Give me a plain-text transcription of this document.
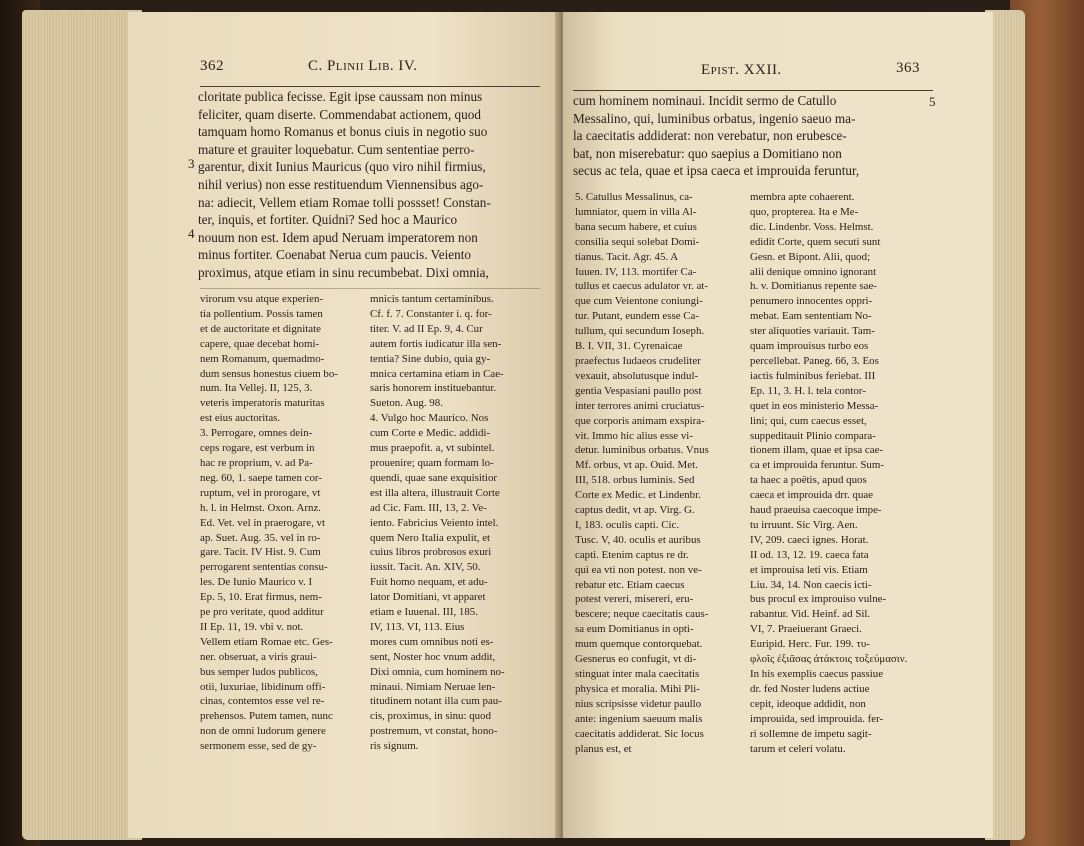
362	C. Plinii Lib. IV.
3
4

cloritate publica fecisse. Egit ipse caussam non minus

feliciter, quam diserte. Commendabat actionem, quod

tamquam homo Romanus et bonus ciuis in negotio suo

mature et grauiter loquebatur. Cum sententiae perro-

garentur, dixit Iunius Mauricus (quo viro nihil firmius,

nihil verius) non esse restituendum Viennensibus ago-

na: adiecit, Vellem etiam Romae tolli possset! Constan-

ter, inquis, et fortiter. Quidni? Sed hoc a Maurico

nouum non est. Idem apud Neruam imperatorem non

minus fortiter. Coenabat Nerua cum paucis. Veiento

proximus, atque etiam in sinu recumbebat. Dixi omnia,

virorum vsu atque experien-

tia pollentium. Possis tamen

et de auctoritate et dignitate

capere, quae decebat homi-

nem Romanum, quemadmo-

dum sensus honestus ciuem bo-

num. Ita Vellej. II, 125, 3.

veteris imperatoris maturitas

est eius auctoritas.

3. Perrogare, omnes dein-

ceps rogare, est verbum in

hac re proprium, v. ad Pa-

neg. 60, 1. saepe tamen cor-

ruptum, vel in prorogare, vt

h. l. in Helmst. Oxon. Arnz.

Ed. Vet. vel in praerogare, vt

ap. Suet. Aug. 35. vel in ro-

gare. Tacit. IV Hist. 9. Cum

perrogarent sententias consu-

les. De Iunio Maurico v. I

Ep. 5, 10. Erat firmus, nem-

pe pro veritate, quod additur

II Ep. 11, 19. vbi v. not.

Vellem etiam Romae etc. Ges-

ner. obseruat, a viris graui-

bus semper ludos publicos,

otii, luxuriae, libidinum offi-

cinas, contemtos esse vel re-

prehensos. Putem tamen, nunc

non de omni ludorum genere

sermonem esse, sed de gy-

mnicis tantum certaminibus.

Cf. f. 7. Constanter i. q. for-

titer. V. ad II Ep. 9, 4. Cur

autem fortis iudicatur illa sen-

tentia? Sine dubio, quia gy-

mnica certamina etiam in Cae-

saris honorem instituebantur.

Sueton. Aug. 98.

4. Vulgo hoc Maurico. Nos

cum Corte e Medic. addidi-

mus praepofit. a, vt subintel.

prouenire; quam formam lo-

quendi, quae sane exquisitior

est illa altera, illustrauit Corte

ad Cic. Fam. III, 13, 2. Ve-

iento. Fabricius Veiento intel.

quem Nero Italia expulit, et

cuius libros probrosos exuri

iussit. Tacit. An. XIV, 50.

Fuit homo nequam, et adu-

lator Domitiani, vt apparet

etiam e Iuuenal. III, 185.

IV, 113. VI, 113. Eius

mores cum omnibus noti es-

sent, Noster hoc vnum addit,

Dixi omnia, cum hominem no-

minaui. Nimiam Neruae len-

titudinem notant illa cum pau-

cis, proximus, in sinu: quod

postremum, vt constat, hono-

ris signum.

Epist. XXII.	363
5

cum hominem nominaui. Incidit sermo de Catullo

Messalino, qui, luminibus orbatus, ingenio saeuo ma-

la caecitatis addiderat: non verebatur, non erubesce-

bat, non miserebatur: quo saepius a Domitiano non

secus ac tela, quae et ipsa caeca et improuida feruntur,

5. Catullus Messalinus, ca-

lumniator, quem in villa Al-

bana secum habere, et cuius

consilia sequi solebat Domi-

tianus. Tacit. Agr. 45. A

Iuuen. IV, 113. mortifer Ca-

tullus et caecus adulator vr. at-

que cum Veientone coniungi-

tur. Putant, eundem esse Ca-

tullum, qui secundum Ioseph.

B. I. VII, 31. Cyrenaicae

praefectus Iudaeos crudeliter

vexauit, absolutusque indul-

gentia Vespasiani paullo post

inter terrores animi cruciatus-

que corporis animam exspira-

vit. Immo hic alius esse vi-

detur. luminibus orbatus. Vnus

Mf. orbus, vt ap. Ouid. Met.

III, 518. orbus luminis. Sed

Corte ex Medic. et Lindenbr.

captus dedit, vt ap. Virg. G.

I, 183. oculis capti. Cic.

Tusc. V, 40. oculis et auribus

capti. Etenim captus re dr.

qui ea vti non potest. non ve-

rebatur etc. Etiam caecus

potest vereri, misereri, eru-

bescere; neque caecitatis caus-

sa eum Domitianus in opti-

mum quemque contorquebat.

Gesnerus eo confugit, vt di-

stinguat inter mala caecitatis

physica et moralia. Mihi Pli-

nius scripsisse videtur paullo

ante: ingenium saeuum malis

caecitatis addiderat. Sic locus

planus est, et

membra apte cohaerent.

quo, propterea. Ita e Me-

dic. Lindenbr. Voss. Helmst.

edidit Corte, quem secuti sunt

Gesn. et Bipont. Alii, quod;

alii denique omnino ignorant

h. v. Domitianus repente sae-

penumero innocentes oppri-

mebat. Eam sententiam No-

ster aliquoties variauit. Tam-

quam improuisus turbo eos

percellebat. Paneg. 66, 3. Eos

iactis fulminibus feriebat. III

Ep. 11, 3. H. l. tela contor-

quet in eos ministerio Messa-

lini; qui, cum caecus esset,

suppeditauit Plinio compara-

tionem illam, quae et ipsa cae-

ca et improuida feruntur. Sum-

ta haec a poëtis, apud quos

caeca et improuida drr. quae

haud praeuisa caecoque impe-

tu irruunt. Sic Virg. Aen.

IV, 209. caeci ignes. Horat.

II od. 13, 12. 19. caeca fata

et improuisa leti vis. Etiam

Liu. 34, 14. Non caecis icti-

bus procul ex improuiso vulne-

rabantur. Vid. Heinf. ad Sil.

VI, 7. Praeiuerant Graeci.

Euripid. Herc. Fur. 199. τυ-

φλοῖς ἐξιᾶσας ἀτάκτοις τοξεύμασιν.

In his exemplis caecus passiue

dr. fed Noster ludens actiue

cepit, ideoque addidit, non

improuida, sed improuida. fer-

ri sollemne de impetu sagit-

tarum et celeri volatu.
